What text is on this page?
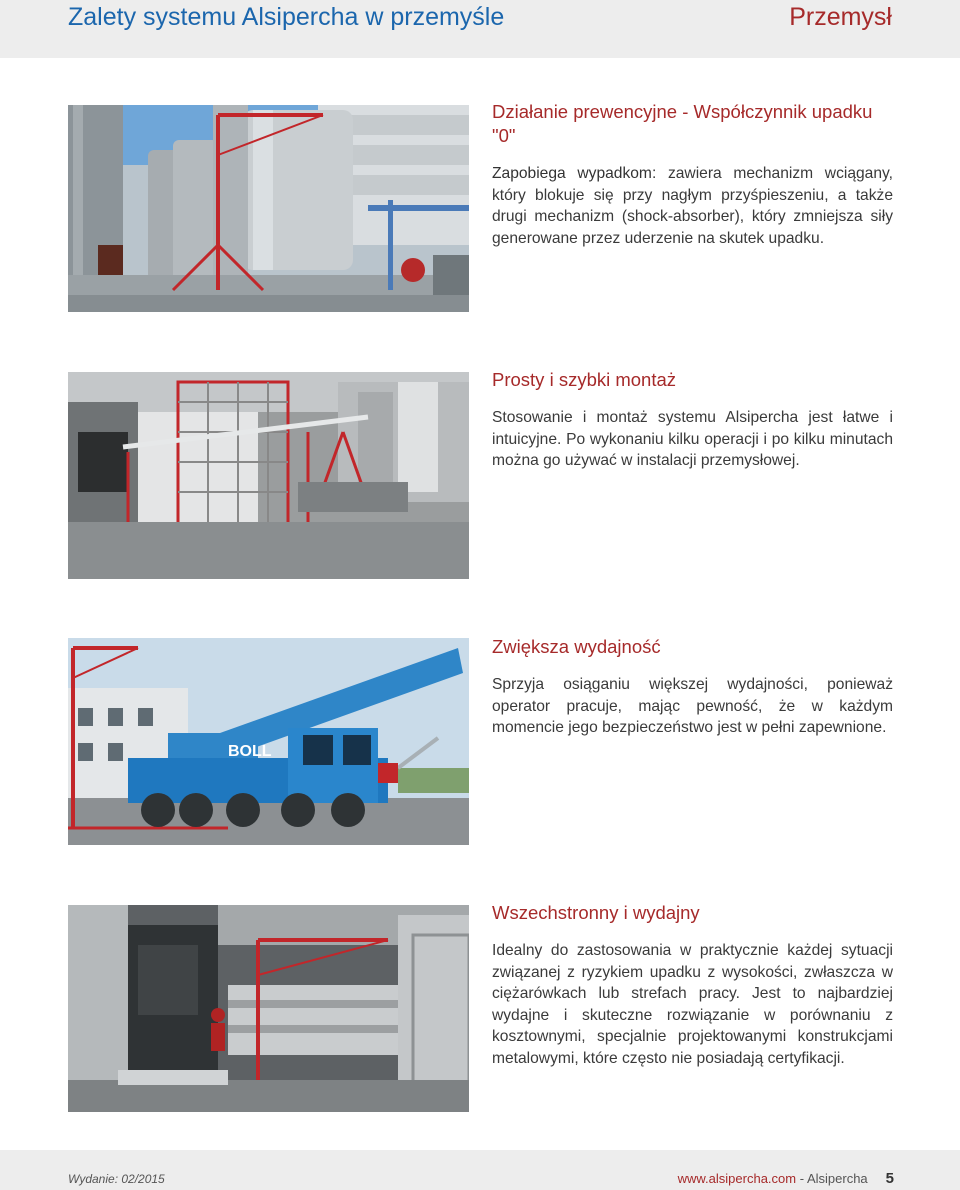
Zalety systemu Alsipercha w przemyśle	Przemysł
Działanie prewencyjne - Współczynnik upadku "0"
Zapobiega wypadkom: zawiera mechanizm wciągany, który blokuje się przy nagłym przyśpieszeniu, a także drugi mechanizm (shock-absorber), który zmniejsza siły generowane przez uderzenie na skutek upadku.
Prosty i szybki montaż
Stosowanie i montaż systemu Alsipercha jest łatwe i intuicyjne. Po wykonaniu kilku operacji i po kilku minutach można go używać w instalacji przemysłowej.
BOLL
Zwiększa wydajność
Sprzyja osiąganiu większej wydajności, ponieważ operator pracuje, mając pewność, że w każdym momencie jego bezpieczeństwo jest w pełni zapewnione.
Wszechstronny i wydajny
Idealny do zastosowania w praktycznie każdej sytuacji związanej z ryzykiem upadku z wysokości, zwłaszcza w ciężarówkach lub strefach pracy. Jest to najbardziej wydajne i skuteczne rozwiązanie w porównaniu z kosztownymi, specjalnie projektowanymi konstrukcjami metalowymi, które często nie posiadają certyfikacji.
Wydanie: 02/2015	www.alsipercha.com - Alsipercha 5
